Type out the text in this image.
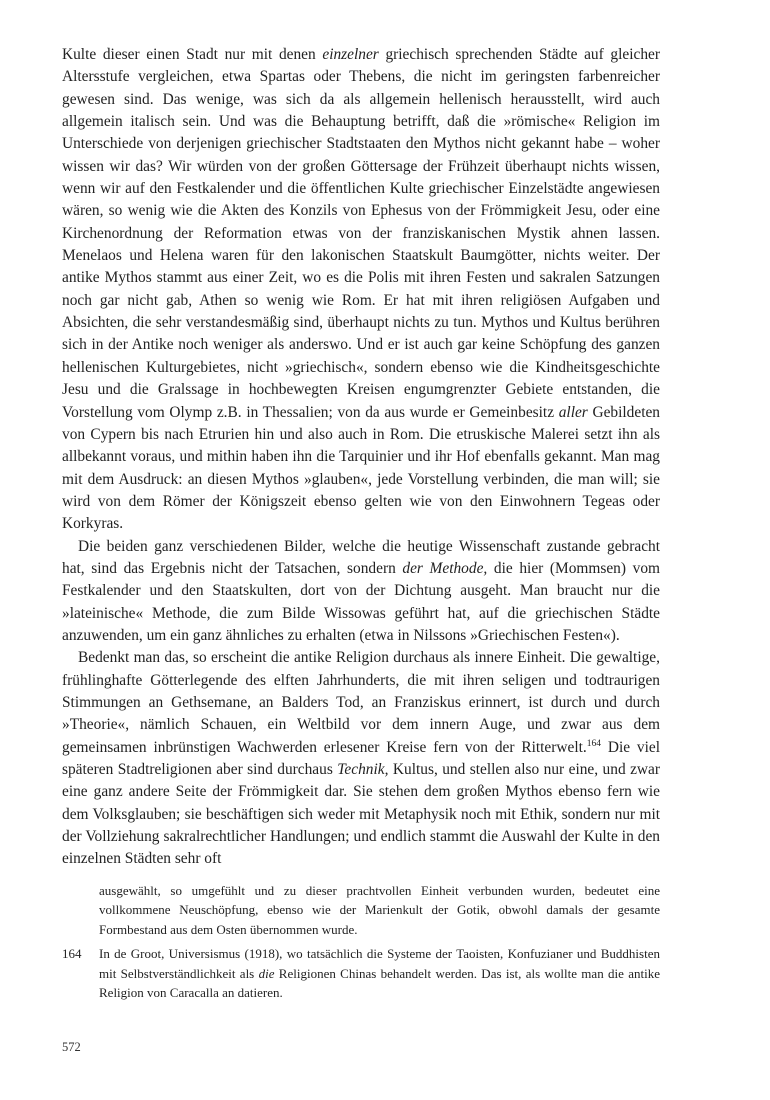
Kulte dieser einen Stadt nur mit denen einzelner griechisch sprechenden Städte auf gleicher Altersstufe vergleichen, etwa Spartas oder Thebens, die nicht im geringsten farbenreicher gewesen sind. Das wenige, was sich da als allgemein hellenisch herausstellt, wird auch allgemein italisch sein. Und was die Behauptung betrifft, daß die »römische« Religion im Unterschiede von derjenigen griechischer Stadtstaaten den Mythos nicht gekannt habe – woher wissen wir das? Wir würden von der großen Göttersage der Frühzeit überhaupt nichts wissen, wenn wir auf den Festkalender und die öffentlichen Kulte griechischer Einzelstädte angewiesen wären, so wenig wie die Akten des Konzils von Ephesus von der Frömmigkeit Jesu, oder eine Kirchenordnung der Reformation etwas von der franziskanischen Mystik ahnen lassen. Menelaos und Helena waren für den lakonischen Staatskult Baumgötter, nichts weiter. Der antike Mythos stammt aus einer Zeit, wo es die Polis mit ihren Festen und sakralen Satzungen noch gar nicht gab, Athen so wenig wie Rom. Er hat mit ihren religiösen Aufgaben und Absichten, die sehr verstandesmäßig sind, überhaupt nichts zu tun. Mythos und Kultus berühren sich in der Antike noch weniger als anderswo. Und er ist auch gar keine Schöpfung des ganzen hellenischen Kulturgebietes, nicht »griechisch«, sondern ebenso wie die Kindheitsgeschichte Jesu und die Gralssage in hochbewegten Kreisen engumgrenzter Gebiete entstanden, die Vorstellung vom Olymp z.B. in Thessalien; von da aus wurde er Gemeinbesitz aller Gebildeten von Cypern bis nach Etrurien hin und also auch in Rom. Die etruskische Malerei setzt ihn als allbekannt voraus, und mithin haben ihn die Tarquinier und ihr Hof ebenfalls gekannt. Man mag mit dem Ausdruck: an diesen Mythos »glauben«, jede Vorstellung verbinden, die man will; sie wird von dem Römer der Königszeit ebenso gelten wie von den Einwohnern Tegeas oder Korkyras.

Die beiden ganz verschiedenen Bilder, welche die heutige Wissenschaft zustande gebracht hat, sind das Ergebnis nicht der Tatsachen, sondern der Methode, die hier (Mommsen) vom Festkalender und den Staatskulten, dort von der Dichtung ausgeht. Man braucht nur die »lateinische« Methode, die zum Bilde Wissowas geführt hat, auf die griechischen Städte anzuwenden, um ein ganz ähnliches zu erhalten (etwa in Nilssons »Griechischen Festen«).

Bedenkt man das, so erscheint die antike Religion durchaus als innere Einheit. Die gewaltige, frühlinghafte Götterlegende des elften Jahrhunderts, die mit ihren seligen und todtraurigen Stimmungen an Gethsemane, an Balders Tod, an Franziskus erinnert, ist durch und durch »Theorie«, nämlich Schauen, ein Weltbild vor dem innern Auge, und zwar aus dem gemeinsamen inbrünstigen Wachwerden erlesener Kreise fern von der Ritterwelt.$^{164}$ Die viel späteren Stadtreligionen aber sind durchaus Technik, Kultus, und stellen also nur eine, und zwar eine ganz andere Seite der Frömmigkeit dar. Sie stehen dem großen Mythos ebenso fern wie dem Volksglauben; sie beschäftigen sich weder mit Metaphysik noch mit Ethik, sondern nur mit der Vollziehung sakralrechtlicher Handlungen; und endlich stammt die Auswahl der Kulte in den einzelnen Städten sehr oft

ausgewählt, so umgefühlt und zu dieser prachtvollen Einheit verbunden wurden, bedeutet eine vollkommene Neuschöpfung, ebenso wie der Marienkult der Gotik, obwohl damals der gesamte Formbestand aus dem Osten übernommen wurde.
164 In de Groot, Universismus (1918), wo tatsächlich die Systeme der Taoisten, Konfuzianer und Buddhisten mit Selbstverständlichkeit als die Religionen Chinas behandelt werden. Das ist, als wollte man die antike Religion von Caracalla an datieren.
572
